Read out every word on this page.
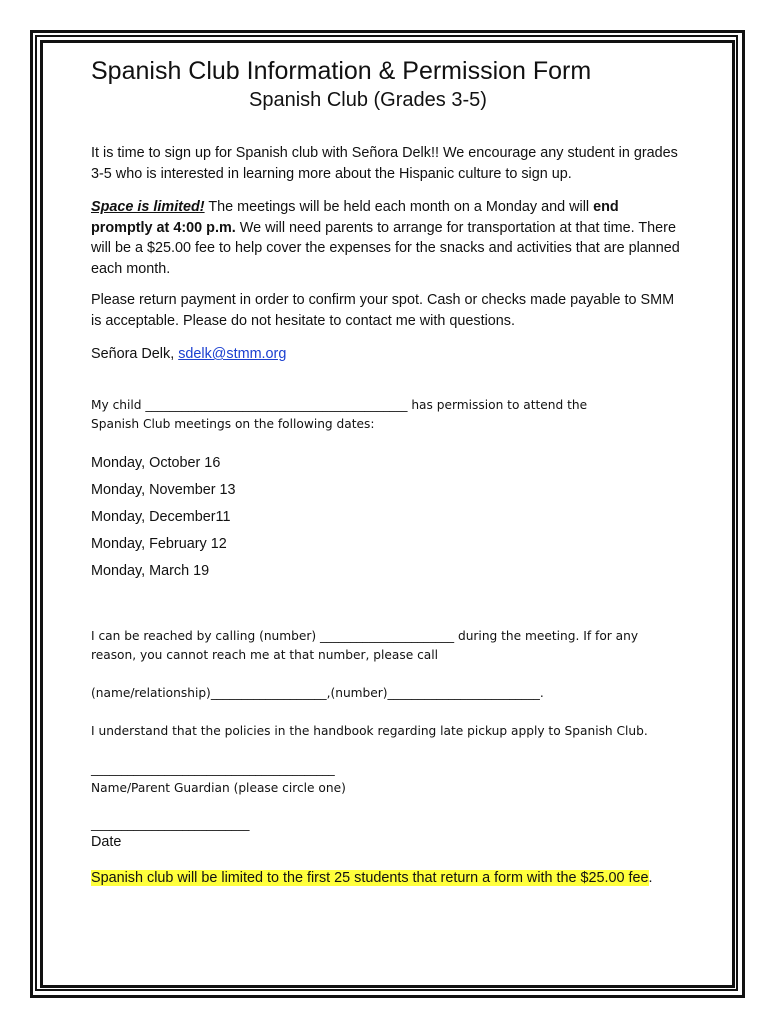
Spanish Club Information & Permission Form
Spanish Club (Grades 3-5)

It is time to sign up for Spanish club with Señora Delk!! We encourage any student in grades 3-5 who is interested in learning more about the Hispanic culture to sign up.

Space is limited! The meetings will be held each month on a Monday and will end promptly at 4:00 p.m. We will need parents to arrange for transportation at that time. There will be a $25.00 fee to help cover the expenses for the snacks and activities that are planned each month.

Please return payment in order to confirm your spot. Cash or checks made payable to SMM is acceptable. Please do not hesitate to contact me with questions.

Señora Delk, sdelk@stmm.org

My child ___________________________________________ has permission to attend the
Spanish Club meetings on the following dates:

Monday, October 16

Monday, November 13

Monday, December11

Monday, February 12

Monday, March 19

I can be reached by calling (number) ______________________ during the meeting. If for any

reason, you cannot reach me at that number, please call

(name/relationship)___________________,(number)_________________________.

I understand that the policies in the handbook regarding late pickup apply to Spanish Club.

________________________________________

Name/Parent Guardian (please circle one)

__________________________

Date

Spanish club will be limited to the first 25 students that return a form with the $25.00 fee.
